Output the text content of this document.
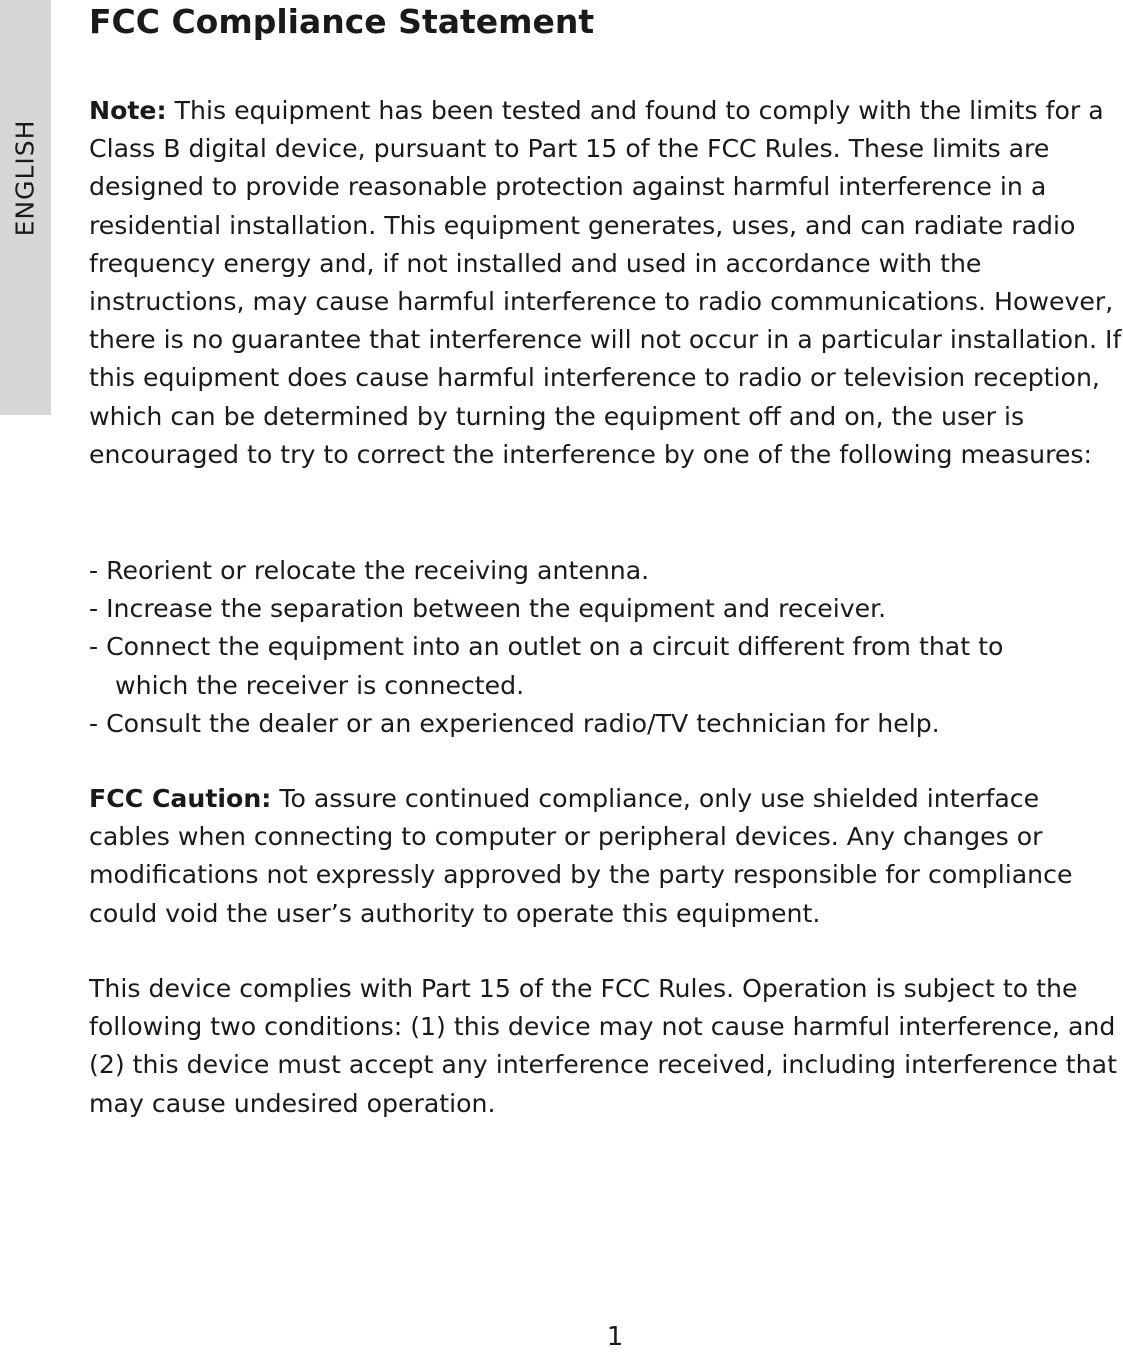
ENGLISH
FCC Compliance Statement

Note: This equipment has been tested and found to comply with the limits for a Class B digital device, pursuant to Part 15 of the FCC Rules. These limits are designed to provide reasonable protection against harmful interference in a residential installation. This equipment generates, uses, and can radiate radio frequency energy and, if not installed and used in accordance with the instructions, may cause harmful interference to radio communications. However, there is no guarantee that interference will not occur in a particular installation. If this equipment does cause harmful interference to radio or television reception, which can be determined by turning the equipment off and on, the user is encouraged to try to correct the interference by one of the following measures:

- Reorient or relocate the receiving antenna.
- Increase the separation between the equipment and receiver.
- Connect the equipment into an outlet on a circuit different from that to
which the receiver is connected.
- Consult the dealer or an experienced radio/TV technician for help.

FCC Caution: To assure continued compliance, only use shielded interface cables when connecting to computer or peripheral devices. Any changes or modifications not expressly approved by the party responsible for compliance could void the user’s authority to operate this equipment.

This device complies with Part 15 of the FCC Rules. Operation is subject to the following two conditions: (1) this device may not cause harmful interference, and (2) this device must accept any interference received, including interference that may cause undesired operation.

1
